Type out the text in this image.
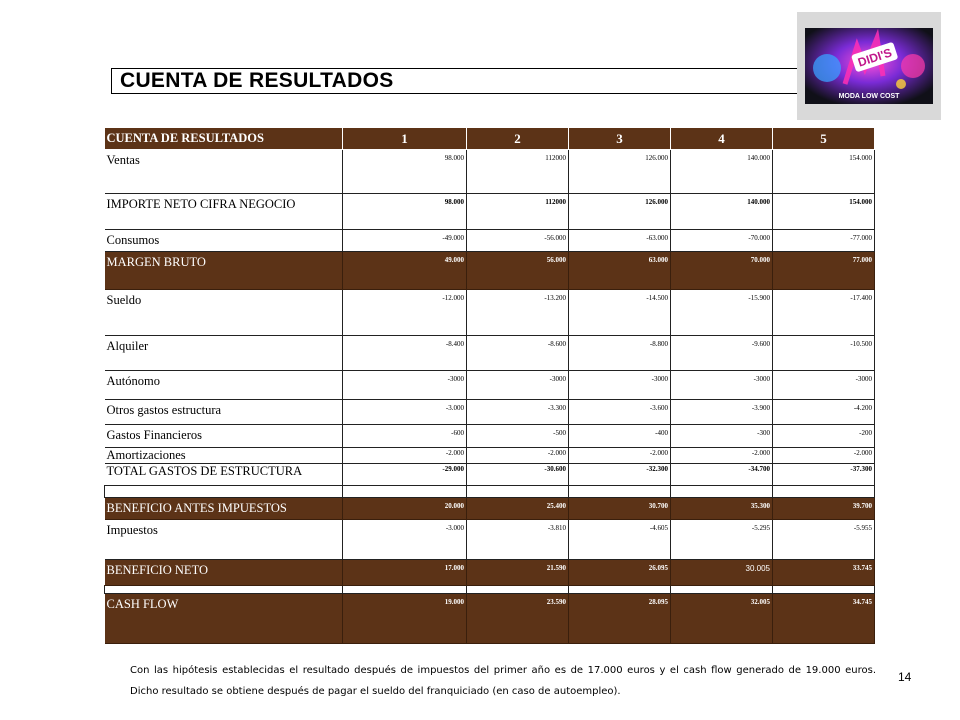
CUENTA DE RESULTADOS
DIDI'S
MODA LOW COST
CUENTA DE RESULTADOS	1	2	3	4	5
Ventas	98.000	112000	126.000	140.000	154.000
IMPORTE NETO CIFRA NEGOCIO	98.000	112000	126.000	140.000	154.000
Consumos	-49.000	-56.000	-63.000	-70.000	-77.000
MARGEN BRUTO	49.000	56.000	63.000	70.000	77.000
Sueldo	-12.000	-13.200	-14.500	-15.900	-17.400
Alquiler	-8.400	-8.600	-8.800	-9.600	-10.500
Autónomo	-3000	-3000	-3000	-3000	-3000
Otros gastos estructura	-3.000	-3.300	-3.600	-3.900	-4.200
Gastos Financieros	-600	-500	-400	-300	-200
Amortizaciones	-2.000	-2.000	-2.000	-2.000	-2.000
TOTAL GASTOS DE ESTRUCTURA	-29.000	-30.600	-32.300	-34.700	-37.300

BENEFICIO ANTES IMPUESTOS	20.000	25.400	30.700	35.300	39.700
Impuestos	-3.000	-3.810	-4.605	-5.295	-5.955
BENEFICIO NETO	17.000	21.590	26.095	30.005	33.745

CASH FLOW	19.000	23.590	28.095	32.005	34.745
Con las hipótesis establecidas el resultado después de impuestos del primer año es de 17.000 euros y el cash flow generado de 19.000 euros. Dicho resultado se obtiene después de pagar el sueldo del franquiciado (en caso de autoempleo).
14
